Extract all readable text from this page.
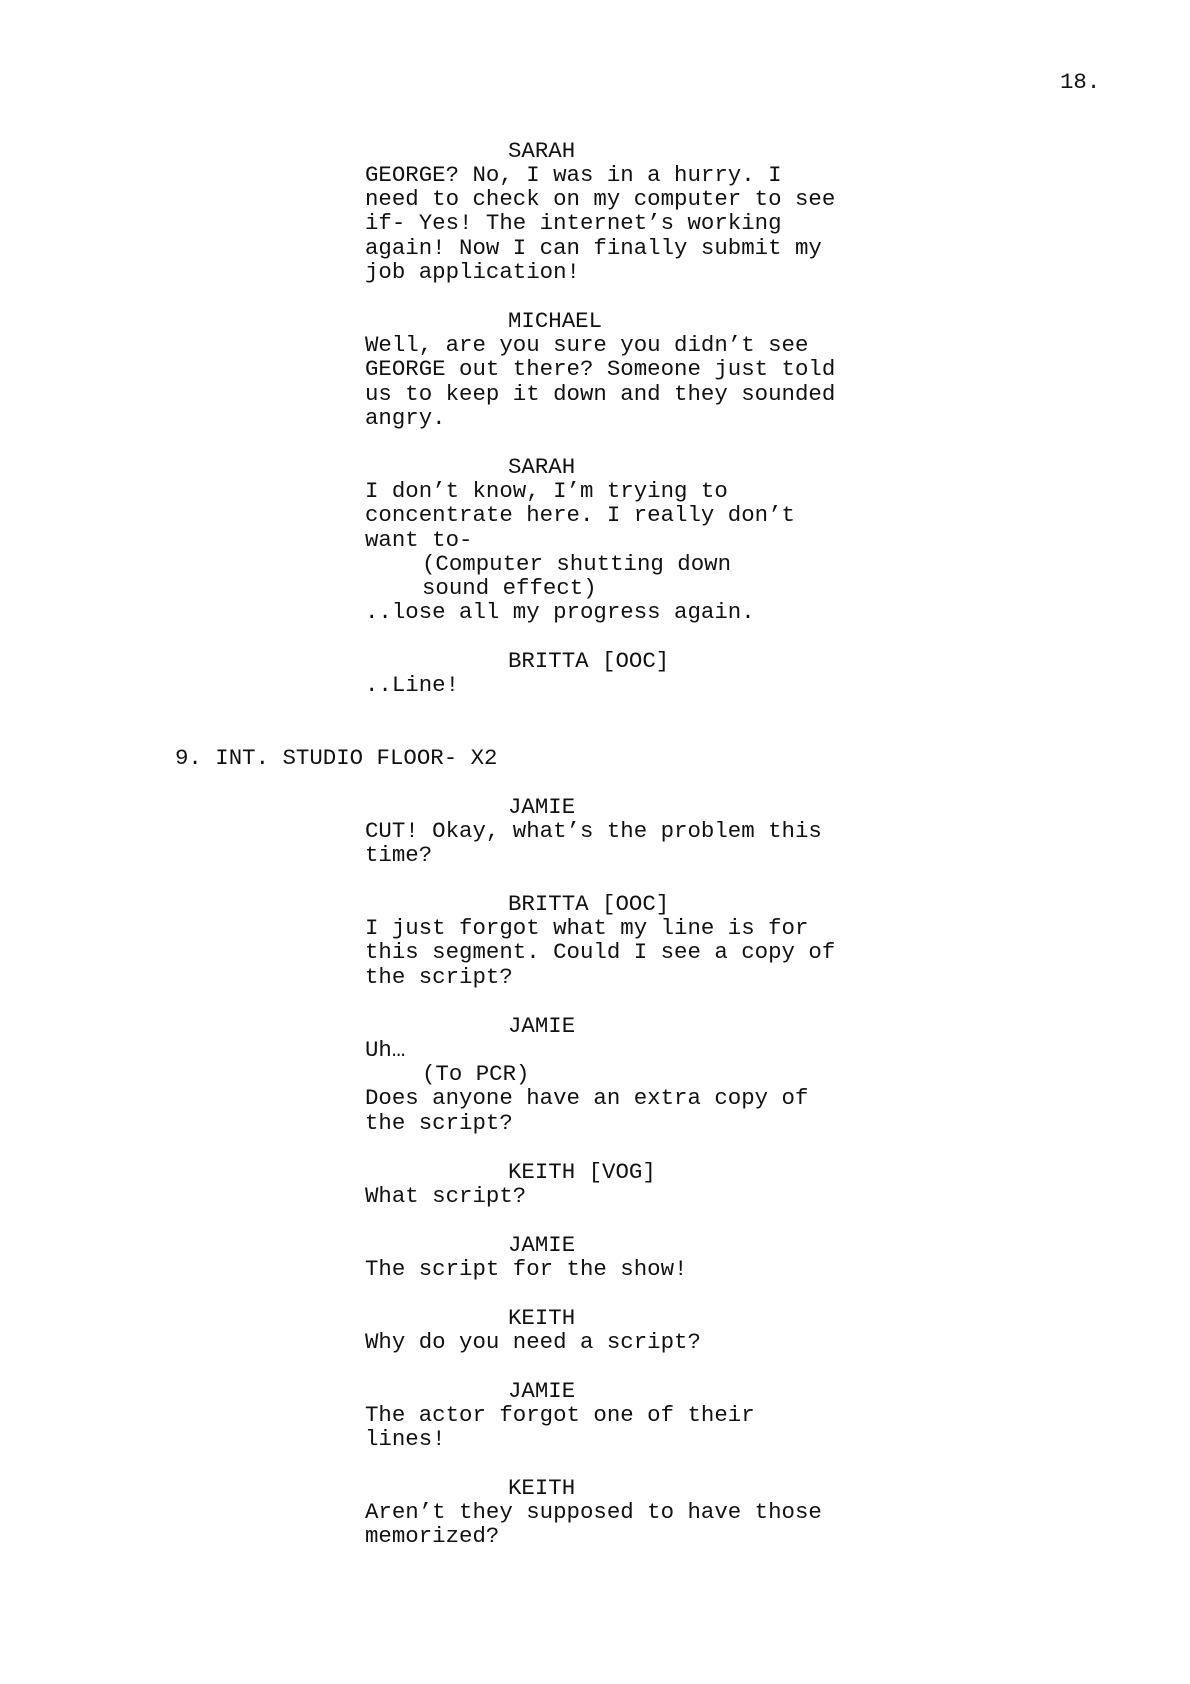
18.
SARAH
GEORGE? No, I was in a hurry. I
need to check on my computer to see
if- Yes! The internet’s working
again! Now I can finally submit my
job application!
MICHAEL
Well, are you sure you didn’t see
GEORGE out there? Someone just told
us to keep it down and they sounded
angry.
SARAH
I don’t know, I’m trying to
concentrate here. I really don’t
want to-
(Computer shutting down
sound effect)
..lose all my progress again.
BRITTA [OOC]
..Line!
9. INT. STUDIO FLOOR- X2
JAMIE
CUT! Okay, what’s the problem this
time?
BRITTA [OOC]
I just forgot what my line is for
this segment. Could I see a copy of
the script?
JAMIE
Uh…
(To PCR)
Does anyone have an extra copy of
the script?
KEITH [VOG]
What script?
JAMIE
The script for the show!
KEITH
Why do you need a script?
JAMIE
The actor forgot one of their
lines!
KEITH
Aren’t they supposed to have those
memorized?
